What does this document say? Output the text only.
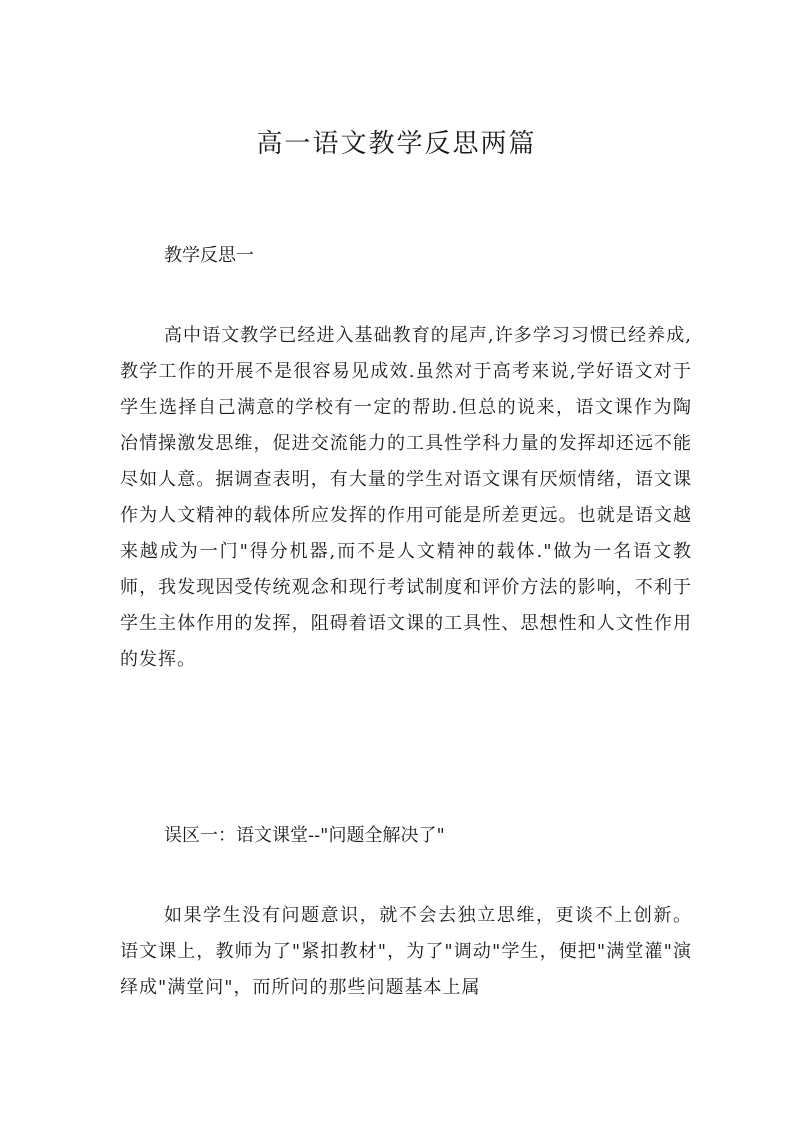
高一语文教学反思两篇
教学反思一
高中语文教学已经进入基础教育的尾声,许多学习习惯已经养成,教学工作的开展不是很容易见成效.虽然对于高考来说,学好语文对于学生选择自己满意的学校有一定的帮助.但总的说来，语文课作为陶冶情操激发思维，促进交流能力的工具性学科力量的发挥却还远不能尽如人意。据调查表明，有大量的学生对语文课有厌烦情绪，语文课作为人文精神的载体所应发挥的作用可能是所差更远。也就是语文越来越成为一门"得分机器,而不是人文精神的载体."做为一名语文教师，我发现因受传统观念和现行考试制度和评价方法的影响，不利于学生主体作用的发挥，阻碍着语文课的工具性、思想性和人文性作用的发挥。
误区一：语文课堂--"问题全解决了"
如果学生没有问题意识，就不会去独立思维，更谈不上创新。语文课上，教师为了"紧扣教材"，为了"调动"学生，便把"满堂灌"演绎成"满堂问"，而所问的那些问题基本上属
